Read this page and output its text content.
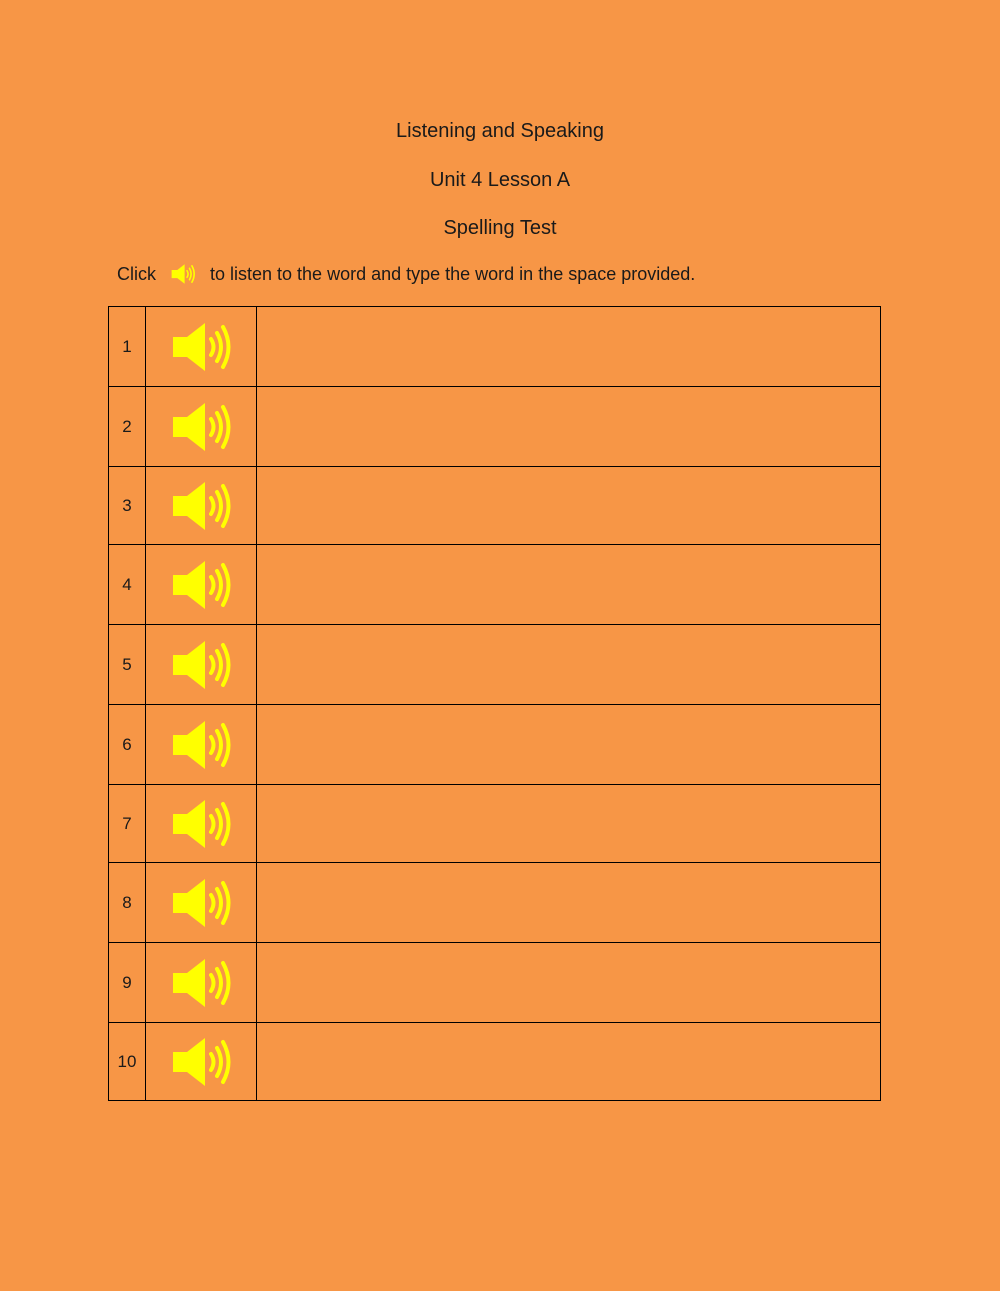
Listening and Speaking
Unit 4 Lesson A
Spelling Test
Click	to listen to the word and type the word in the space provided.
1		
2		
3		
4		
5		
6		
7		
8		
9		
10		
